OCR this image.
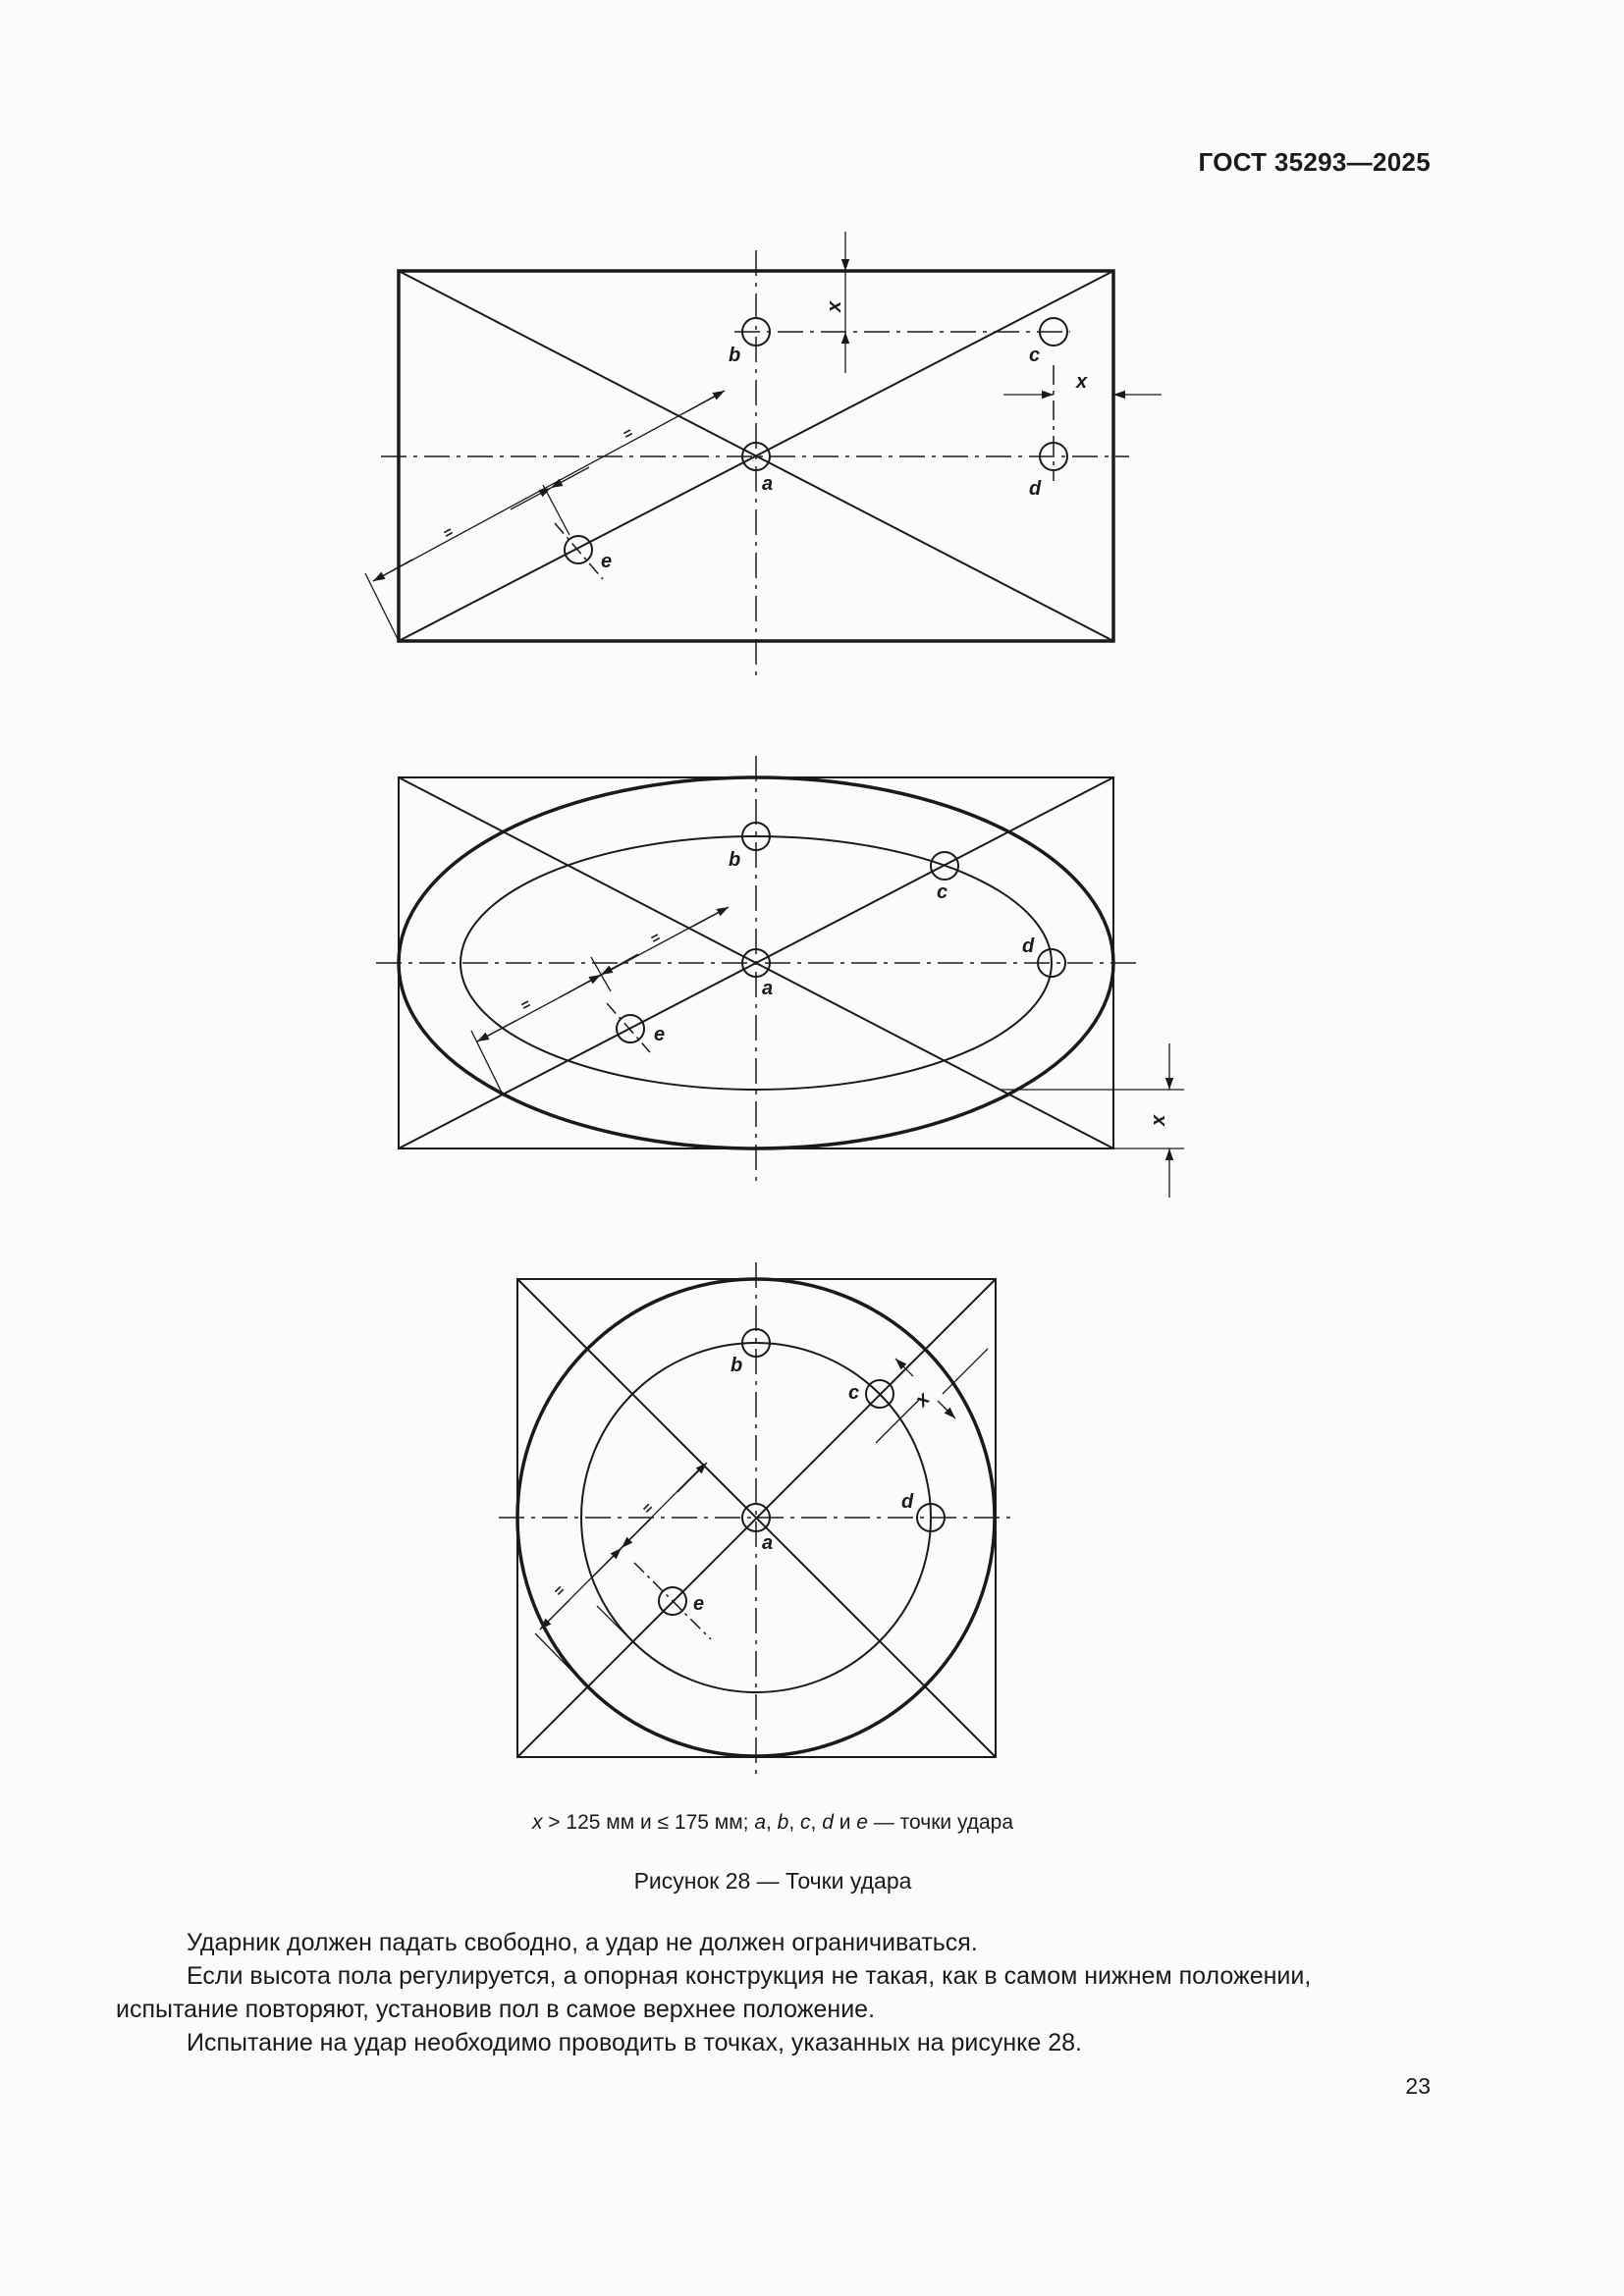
ГОСТ 35293—2025
a
b	c
d
e
x
x
=
=
a
b
c
d
e
x
=
=
a
b
c
d
e
x
=
=
x > 125 мм и ≤ 175 мм; a, b, c, d и e — точки удара
Рисунок 28 — Точки удара

Ударник должен падать свободно, а удар не должен ограничиваться.

Если высота пола регулируется, а опорная конструкция не такая, как в самом нижнем положении, испытание повторяют, установив пол в самое верхнее положение.

Испытание на удар необходимо проводить в точках, указанных на рисунке 28.

23
